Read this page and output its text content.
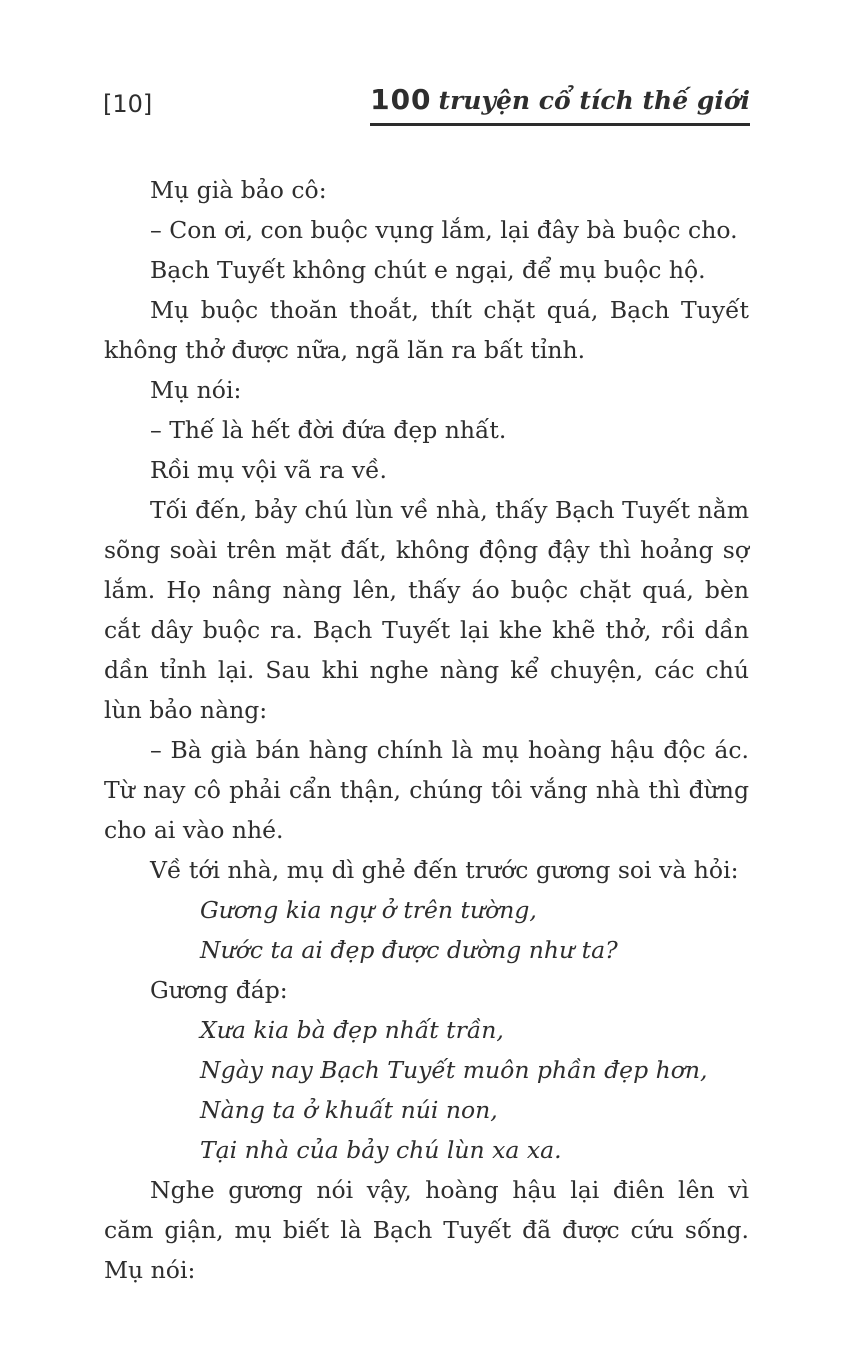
[10]	100 truyện cổ tích thế giới

Mụ già bảo cô:

– Con ơi, con buộc vụng lắm, lại đây bà buộc cho.

Bạch Tuyết không chút e ngại, để mụ buộc hộ.

Mụ buộc thoăn thoắt, thít chặt quá, Bạch Tuyết không thở được nữa, ngã lăn ra bất tỉnh.

Mụ nói:

– Thế là hết đời đứa đẹp nhất.

Rồi mụ vội vã ra về.

Tối đến, bảy chú lùn về nhà, thấy Bạch Tuyết nằm sõng soài trên mặt đất, không động đậy thì hoảng sợ lắm. Họ nâng nàng lên, thấy áo buộc chặt quá, bèn cắt dây buộc ra. Bạch Tuyết lại khe khẽ thở, rồi dần dần tỉnh lại. Sau khi nghe nàng kể chuyện, các chú lùn bảo nàng:

– Bà già bán hàng chính là mụ hoàng hậu độc ác. Từ nay cô phải cẩn thận, chúng tôi vắng nhà thì đừng cho ai vào nhé.

Về tới nhà, mụ dì ghẻ đến trước gương soi và hỏi:

Gương kia ngự ở trên tường,

Nước ta ai đẹp được dường như ta?

Gương đáp:

Xưa kia bà đẹp nhất trần,

Ngày nay Bạch Tuyết muôn phần đẹp hơn,

Nàng ta ở khuất núi non,

Tại nhà của bảy chú lùn xa xa.

Nghe gương nói vậy, hoàng hậu lại điên lên vì căm giận, mụ biết là Bạch Tuyết đã được cứu sống. Mụ nói:
